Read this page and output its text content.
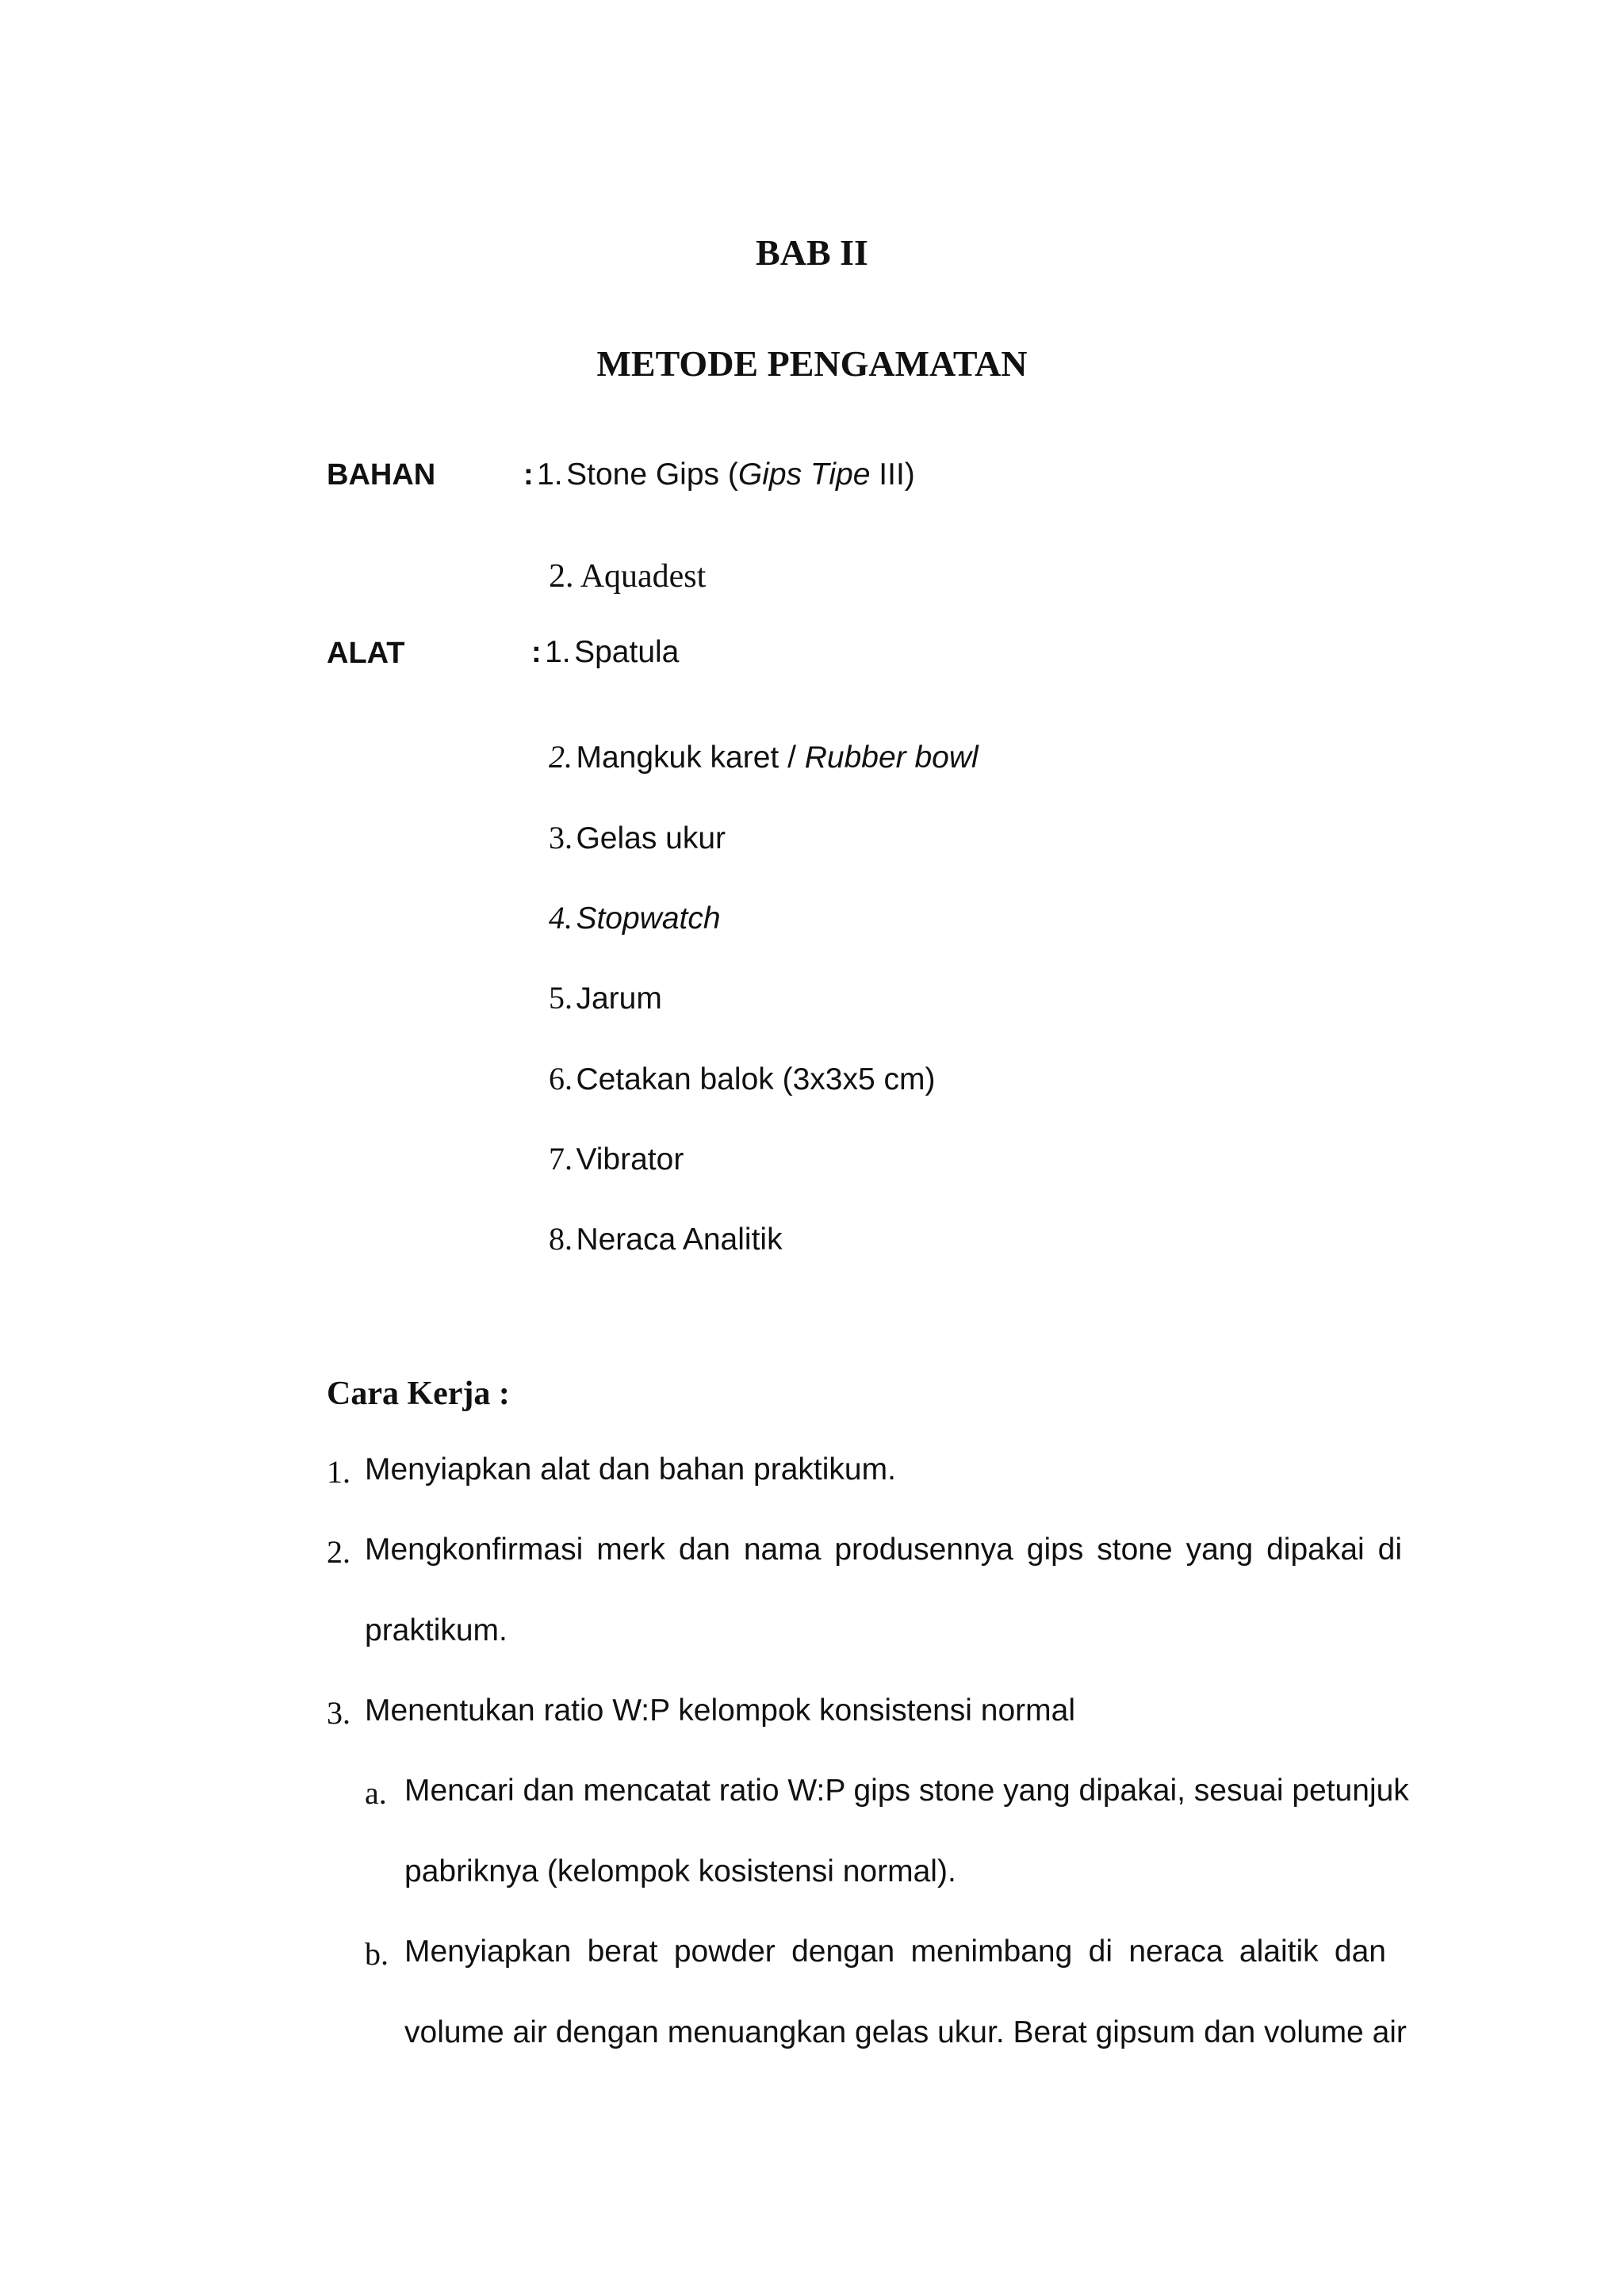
BAB II
METODE PENGAMATAN
BAHAN	: 1. Stone Gips (Gips Tipe III)
2. Aquadest
ALAT	: 1. Spatula
2. Mangkuk karet / Rubber bowl
3. Gelas ukur
4. Stopwatch
5. Jarum
6. Cetakan balok (3x3x5 cm)
7. Vibrator
8. Neraca Analitik
Cara Kerja :
1. Menyiapkan alat dan bahan praktikum.
2. Mengkonfirmasi merk dan nama produsennya gips stone yang dipakai di
praktikum.
3. Menentukan ratio W:P kelompok konsistensi normal
a. Mencari dan mencatat ratio W:P gips stone yang dipakai, sesuai petunjuk
pabriknya (kelompok kosistensi normal).
b. Menyiapkan berat powder dengan menimbang di neraca alaitik dan
volume air dengan menuangkan gelas ukur. Berat gipsum dan volume air
